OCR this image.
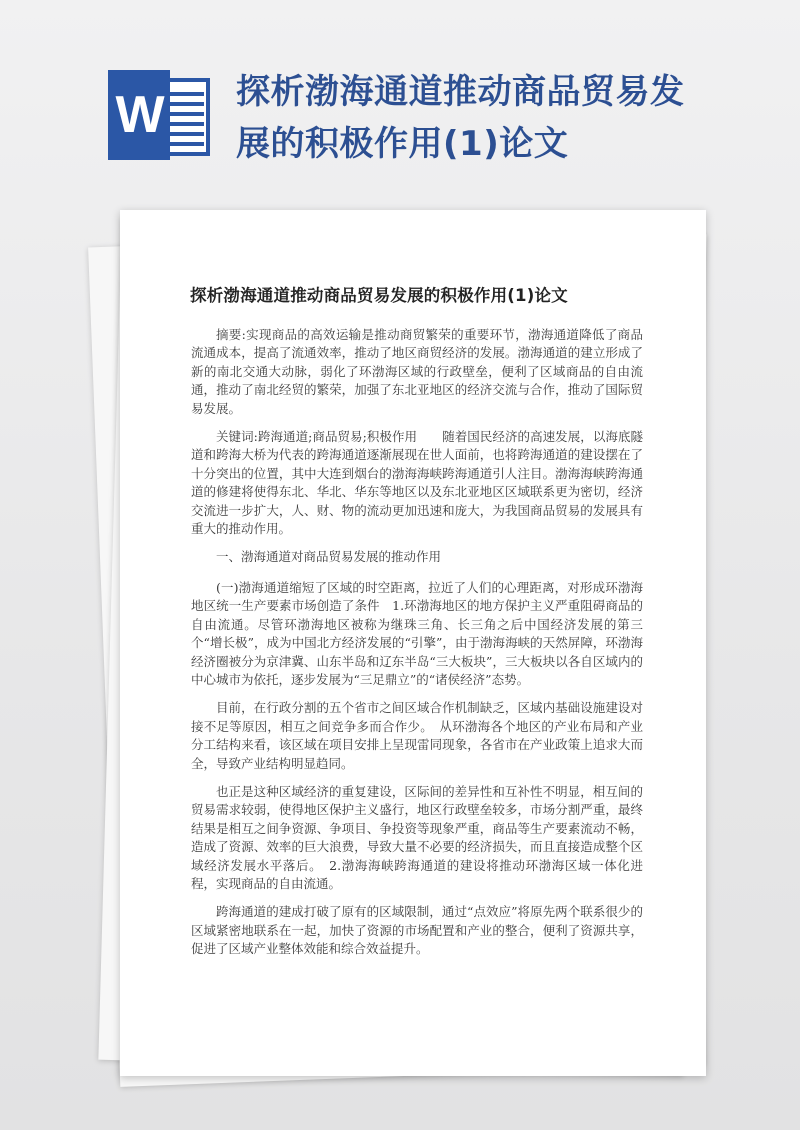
W 探析渤海通道推动商品贸易发展的积极作用(1)论文
探析渤海通道推动商品贸易发展的积极作用(1)论文

摘要:实现商品的高效运输是推动商贸繁荣的重要环节，渤海通道降低了商品流通成本，提高了流通效率，推动了地区商贸经济的发展。渤海通道的建立形成了新的南北交通大动脉，弱化了环渤海区域的行政壁垒，便利了区域商品的自由流通，推动了南北经贸的繁荣，加强了东北亚地区的经济交流与合作，推动了国际贸易发展。

关键词:跨海通道;商品贸易;积极作用　　随着国民经济的高速发展，以海底隧道和跨海大桥为代表的跨海通道逐渐展现在世人面前，也将跨海通道的建设摆在了十分突出的位置，其中大连到烟台的渤海海峡跨海通道引人注目。渤海海峡跨海通道的修建将使得东北、华北、华东等地区以及东北亚地区区域联系更为密切，经济交流进一步扩大，人、财、物的流动更加迅速和庞大，为我国商品贸易的发展具有重大的推动作用。

一、渤海通道对商品贸易发展的推动作用

(一)渤海通道缩短了区域的时空距离，拉近了人们的心理距离，对形成环渤海地区统一生产要素市场创造了条件　1.环渤海地区的地方保护主义严重阻碍商品的自由流通。尽管环渤海地区被称为继珠三角、长三角之后中国经济发展的第三个“增长极”，成为中国北方经济发展的“引擎”，由于渤海海峡的天然屏障，环渤海经济圈被分为京津冀、山东半岛和辽东半岛“三大板块”，三大板块以各自区域内的中心城市为依托，逐步发展为“三足鼎立”的“诸侯经济”态势。

目前，在行政分割的五个省市之间区域合作机制缺乏，区域内基础设施建设对接不足等原因，相互之间竞争多而合作少。　从环渤海各个地区的产业布局和产业分工结构来看，该区域在项目安排上呈现雷同现象，各省市在产业政策上追求大而全，导致产业结构明显趋同。

也正是这种区域经济的重复建设，区际间的差异性和互补性不明显，相互间的贸易需求较弱，使得地区保护主义盛行，地区行政壁垒较多，市场分割严重，最终结果是相互之间争资源、争项目、争投资等现象严重，商品等生产要素流动不畅，造成了资源、效率的巨大浪费，导致大量不必要的经济损失，而且直接造成整个区域经济发展水平落后。　2.渤海海峡跨海通道的建设将推动环渤海区域一体化进程，实现商品的自由流通。

跨海通道的建成打破了原有的区域限制，通过“点效应”将原先两个联系很少的区域紧密地联系在一起，加快了资源的市场配置和产业的整合，便利了资源共享，促进了区域产业整体效能和综合效益提升。
